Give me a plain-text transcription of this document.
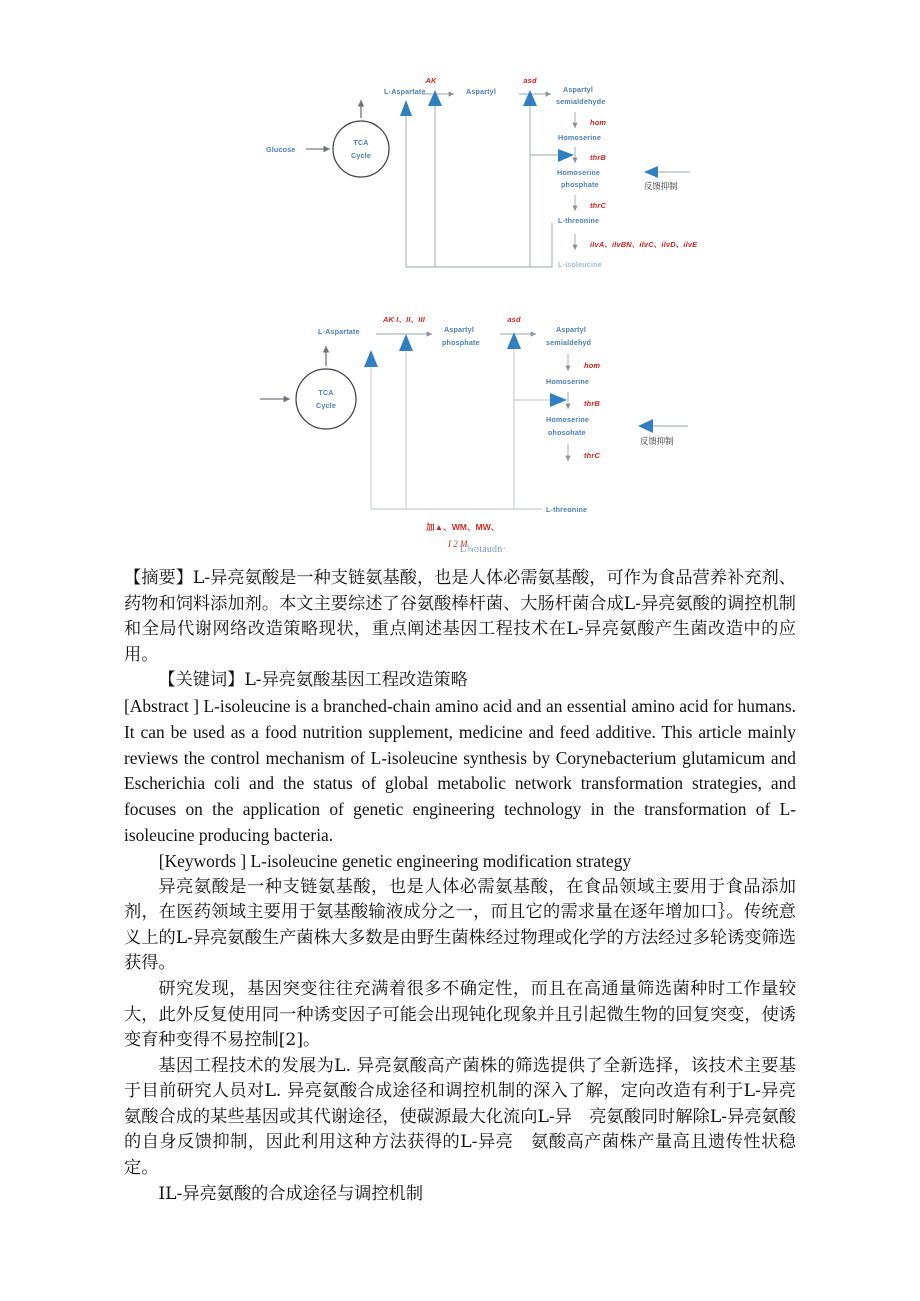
Glucose
TCA
Cycle
L-Aspartate
AK
Aspartyl
asd
Aspartyl
semialdehyde
hom
Homoserine
thrB
Homoserine
phosphate
thrC
L-threonine
ilvA、ilvBN、ilvC、ilvD、ilvE
L-isoleucine
反馈抑制
TCA
Cycle
L-Aspartate
AK I、II、III
Aspartyl
phosphate
asd
Aspartyl
semialdehyd
hom
Homoserine
thrB
Homoserine
ohosohate
thrC
L-threonine
反馈抑制
加▲、WM、MW、
I 2 M
L¾otaudn·

【摘要】L-异亮氨酸是一种支链氨基酸，也是人体必需氨基酸，可作为食品营养补充剂、药物和饲料添加剂。本文主要综述了谷氨酸棒杆菌、大肠杆菌合成L-异亮氨酸的调控机制和全局代谢网络改造策略现状，重点阐述基因工程技术在L-异亮氨酸产生菌改造中的应用。

【关键词】L-异亮氨酸基因工程改造策略

[Abstract ] L-isoleucine is a branched-chain amino acid and an essential amino acid for humans. It can be used as a food nutrition supplement, medicine and feed additive. This article mainly reviews the control mechanism of L-isoleucine synthesis by Corynebacterium glutamicum and Escherichia coli and the status of global metabolic network transformation strategies, and focuses on the application of genetic engineering technology in the transformation of L-isoleucine producing bacteria.

[Keywords ] L-isoleucine genetic engineering modification strategy

异亮氨酸是一种支链氨基酸，也是人体必需氨基酸，在食品领域主要用于食品添加剂，在医药领域主要用于氨基酸输液成分之一，而且它的需求量在逐年增加口｝。传统意义上的L-异亮氨酸生产菌株大多数是由野生菌株经过物理或化学的方法经过多轮诱变筛选获得。

研究发现，基因突变往往充满着很多不确定性，而且在高通量筛选菌种时工作量较大，此外反复使用同一种诱变因子可能会出现钝化现象并且引起微生物的回复突变，使诱变育种变得不易控制[2]。

基因工程技术的发展为L. 异亮氨酸高产菌株的筛选提供了全新选择，该技术主要基于目前研究人员对L. 异亮氨酸合成途径和调控机制的深入了解，定向改造有利于L-异亮氨酸合成的某些基因或其代谢途径，使碳源最大化流向L-异　亮氨酸同时解除L-异亮氨酸的自身反馈抑制，因此利用这种方法获得的L-异亮　氨酸高产菌株产量高且遗传性状稳定。

IL-异亮氨酸的合成途径与调控机制
